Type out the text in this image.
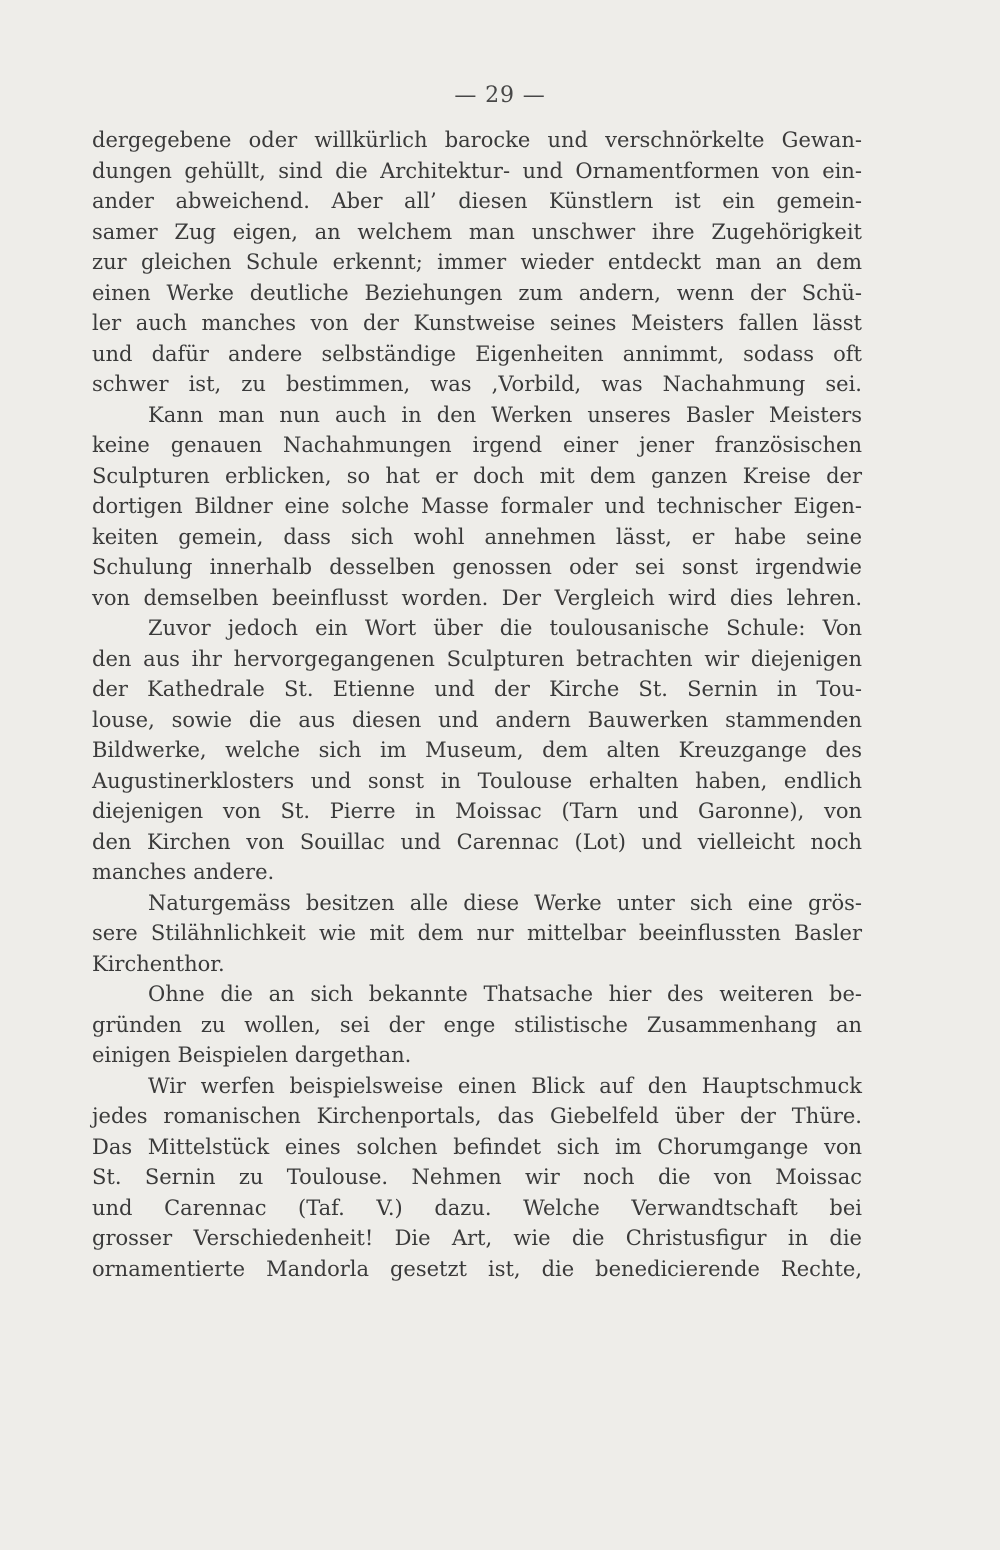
— 29 —
dergegebene oder willkürlich barocke und verschnörkelte Gewan-
dungen gehüllt, sind die Architektur- und Ornamentformen von ein-
ander abweichend. Aber all’ diesen Künstlern ist ein gemein-
samer Zug eigen, an welchem man unschwer ihre Zugehörigkeit
zur gleichen Schule erkennt; immer wieder entdeckt man an dem
einen Werke deutliche Beziehungen zum andern, wenn der Schü-
ler auch manches von der Kunstweise seines Meisters fallen lässt
und dafür andere selbständige Eigenheiten annimmt, sodass oft
schwer ist, zu bestimmen, was ,Vorbild, was Nachahmung sei.
Kann man nun auch in den Werken unseres Basler Meisters
keine genauen Nachahmungen irgend einer jener französischen
Sculpturen erblicken, so hat er doch mit dem ganzen Kreise der
dortigen Bildner eine solche Masse formaler und technischer Eigen-
keiten gemein, dass sich wohl annehmen lässt, er habe seine
Schulung innerhalb desselben genossen oder sei sonst irgendwie
von demselben beeinflusst worden. Der Vergleich wird dies lehren.
Zuvor jedoch ein Wort über die toulousanische Schule: Von
den aus ihr hervorgegangenen Sculpturen betrachten wir diejenigen
der Kathedrale St. Etienne und der Kirche St. Sernin in Tou-
louse, sowie die aus diesen und andern Bauwerken stammenden
Bildwerke, welche sich im Museum, dem alten Kreuzgange des
Augustinerklosters und sonst in Toulouse erhalten haben, endlich
diejenigen von St. Pierre in Moissac (Tarn und Garonne), von
den Kirchen von Souillac und Carennac (Lot) und vielleicht noch
manches andere.
Naturgemäss besitzen alle diese Werke unter sich eine grös-
sere Stilähnlichkeit wie mit dem nur mittelbar beeinflussten Basler
Kirchenthor.
Ohne die an sich bekannte Thatsache hier des weiteren be-
gründen zu wollen, sei der enge stilistische Zusammenhang an
einigen Beispielen dargethan.
Wir werfen beispielsweise einen Blick auf den Hauptschmuck
jedes romanischen Kirchenportals, das Giebelfeld über der Thüre.
Das Mittelstück eines solchen befindet sich im Chorumgange von
St. Sernin zu Toulouse. Nehmen wir noch die von Moissac
und Carennac (Taf. V.) dazu. Welche Verwandtschaft bei
grosser Verschiedenheit! Die Art, wie die Christusfigur in die
ornamentierte Mandorla gesetzt ist, die benedicierende Rechte,
